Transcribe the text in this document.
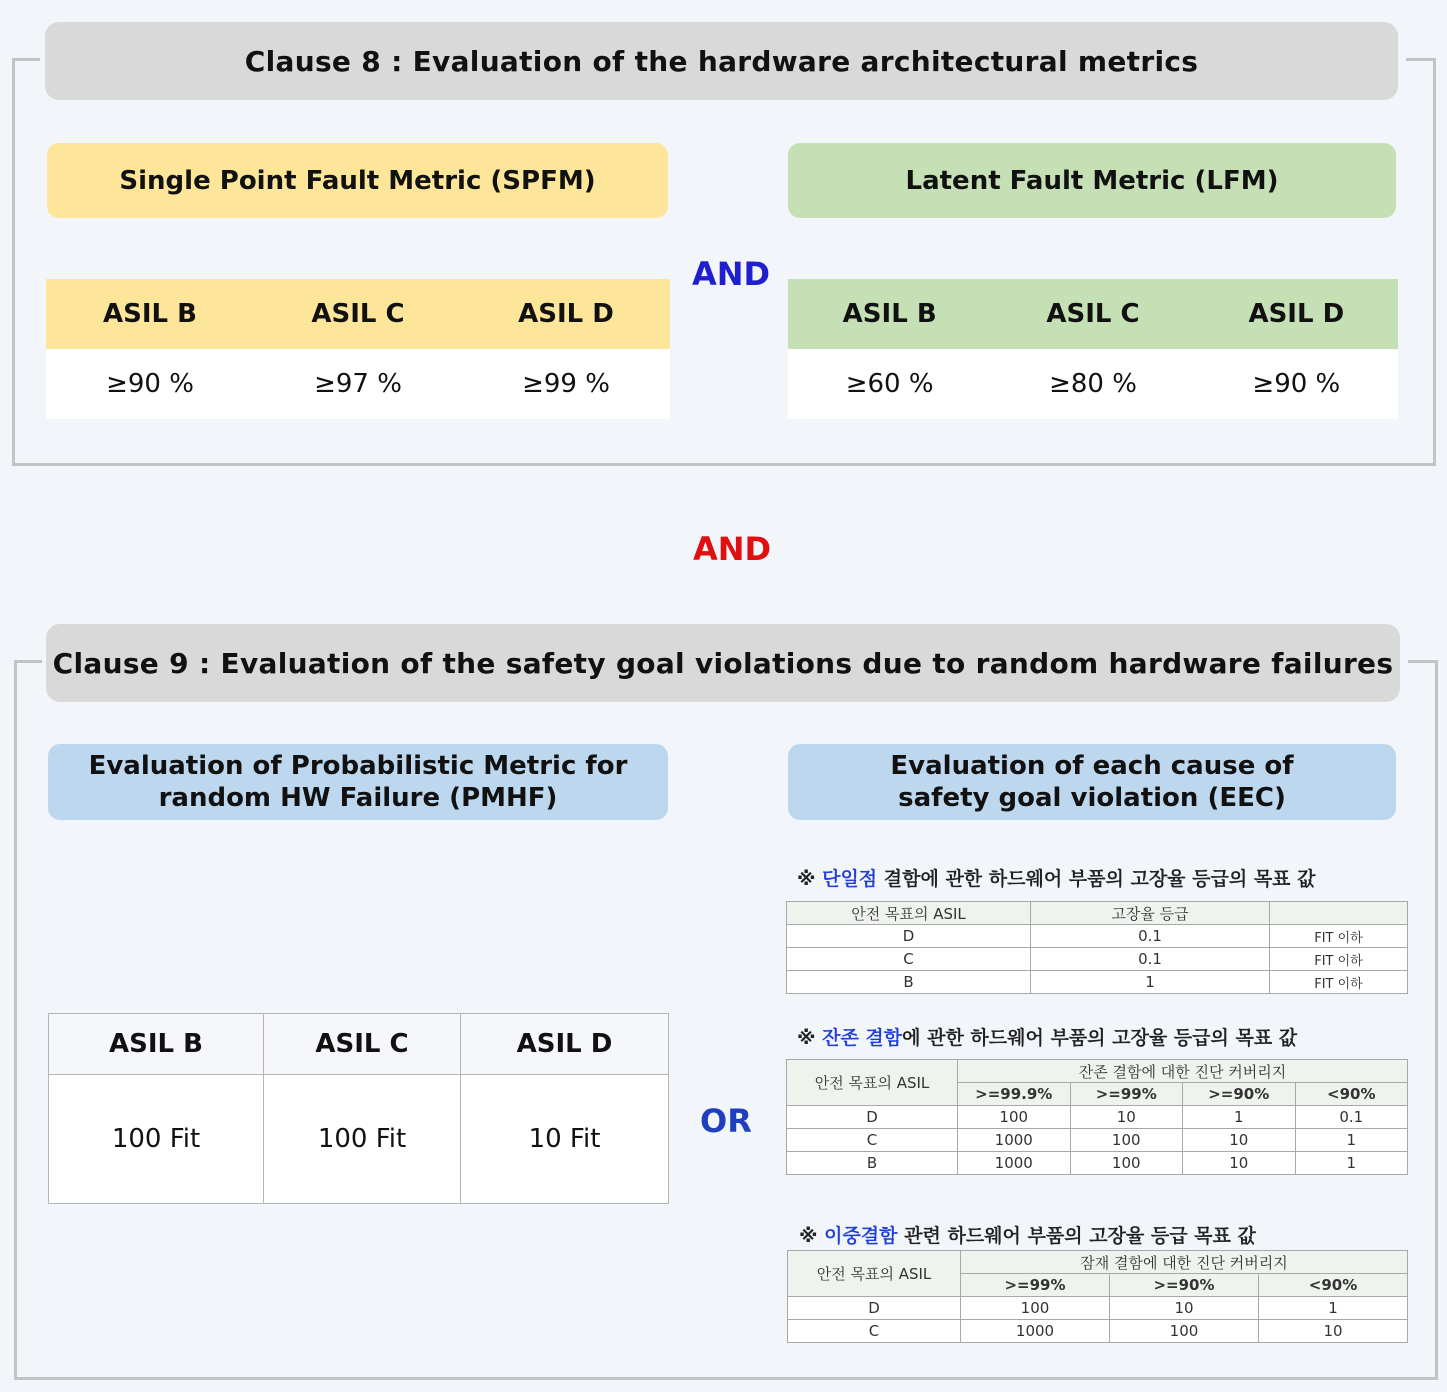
Clause 8 : Evaluation of the hardware architectural metrics
Single Point Fault Metric (SPFM)	Latent Fault Metric (LFM)
AND
ASIL B	ASIL C	ASIL D
≥90 %	≥97 %	≥99 %
ASIL B	ASIL C	ASIL D
≥60 %	≥80 %	≥90 %
AND
Clause 9 : Evaluation of the safety goal violations due to random hardware failures
Evaluation of Probabilistic Metric for
random HW Failure (PMHF)
Evaluation of each cause of
safety goal violation (EEC)
ASIL B	ASIL C	ASIL D
100 Fit	100 Fit	10 Fit	OR
※ 단일점 결함에 관한 하드웨어 부품의 고장율 등급의 목표 값
안전 목표의 ASIL	고장율 등급	
D	0.1	FIT 이하
C	0.1	FIT 이하
B	1	FIT 이하
※ 잔존 결함에 관한 하드웨어 부품의 고장율 등급의 목표 값
안전 목표의 ASIL	잔존 결함에 대한 진단 커버리지			
	>=99.9%	>=99%	>=90%	<90%
D	100	10	1	0.1
C	1000	100	10	1
B	1000	100	10	1
※ 이중결함 관련 하드웨어 부품의 고장율 등급 목표 값
안전 목표의 ASIL	잠재 결함에 대한 진단 커버리지		
	>=99%	>=90%	<90%
D	100	10	1
C	1000	100	10
